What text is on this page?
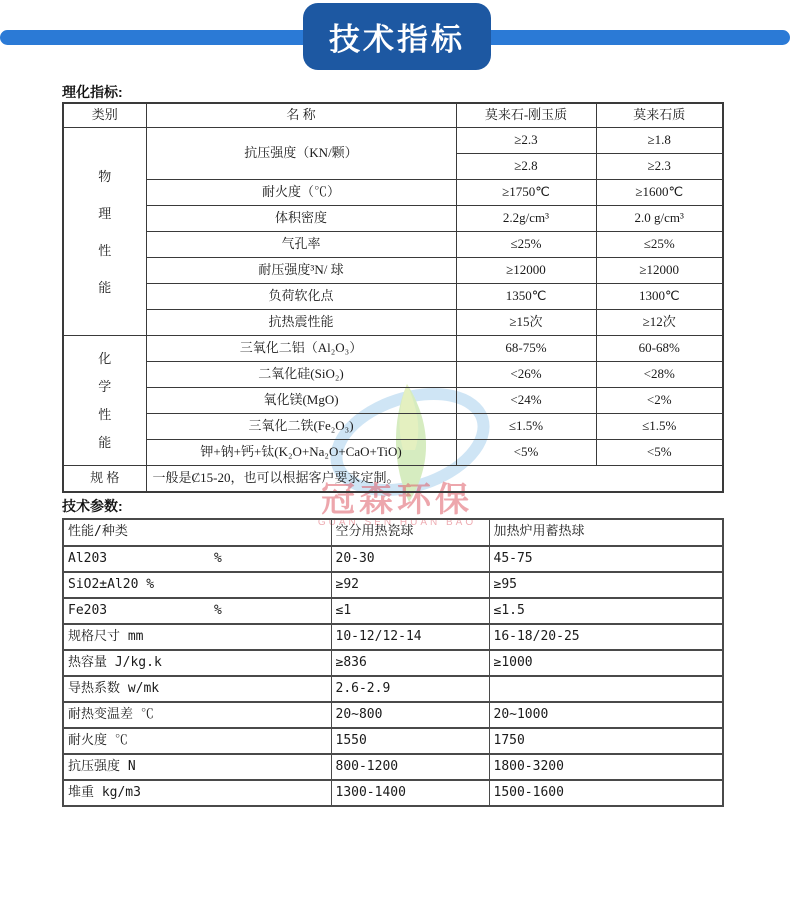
技术指标
冠森环保
GUAN SEN HUAN BAO
理化指标:
类别	名 称	莫来石-刚玉质	莫来石质
物理性能	抗压强度（KN/颗）	≥2.3	≥1.8
		≥2.8	≥2.3
	耐火度（℃）	≥1750℃	≥1600℃
	体积密度	2.2g/cm³	2.0 g/cm³
	气孔率	≤25%	≤25%
	耐压强度³N/ 球	≥12000	≥12000
	负荷软化点	1350℃	1300℃
	抗热震性能	≥15次	≥12次
化学性能	三氧化二铝（Al₂O₃）	68-75%	60-68%
	二氧化硅(SiO₂)	<26%	<28%
	氧化镁(MgO)	<24%	<2%
	三氧化二铁(Fe₂O₃)	≤1.5%	≤1.5%
	钾+钠+钙+钛(K₂O+Na₂O+CaO+TiO)	<5%	<5%
规 格	一般是Ȼ15-20，也可以根据客户要求定制。		
技术参数:
性能/种类	空分用热瓷球	加热炉用蓄热球
Al203 %	20-30	45-75
SiO2±Al20 %	≥92	≥95
Fe203 %	≤1	≤1.5
规格尺寸 mm	10-12/12-14	16-18/20-25
热容量 J/kg.k	≥836	≥1000
导热系数 w/mk	2.6-2.9	
耐热变温差 ℃	20~800	20~1000
耐火度 ℃	1550	1750
抗压强度 N	800-1200	1800-3200
堆重 kg/m3	1300-1400	1500-1600
